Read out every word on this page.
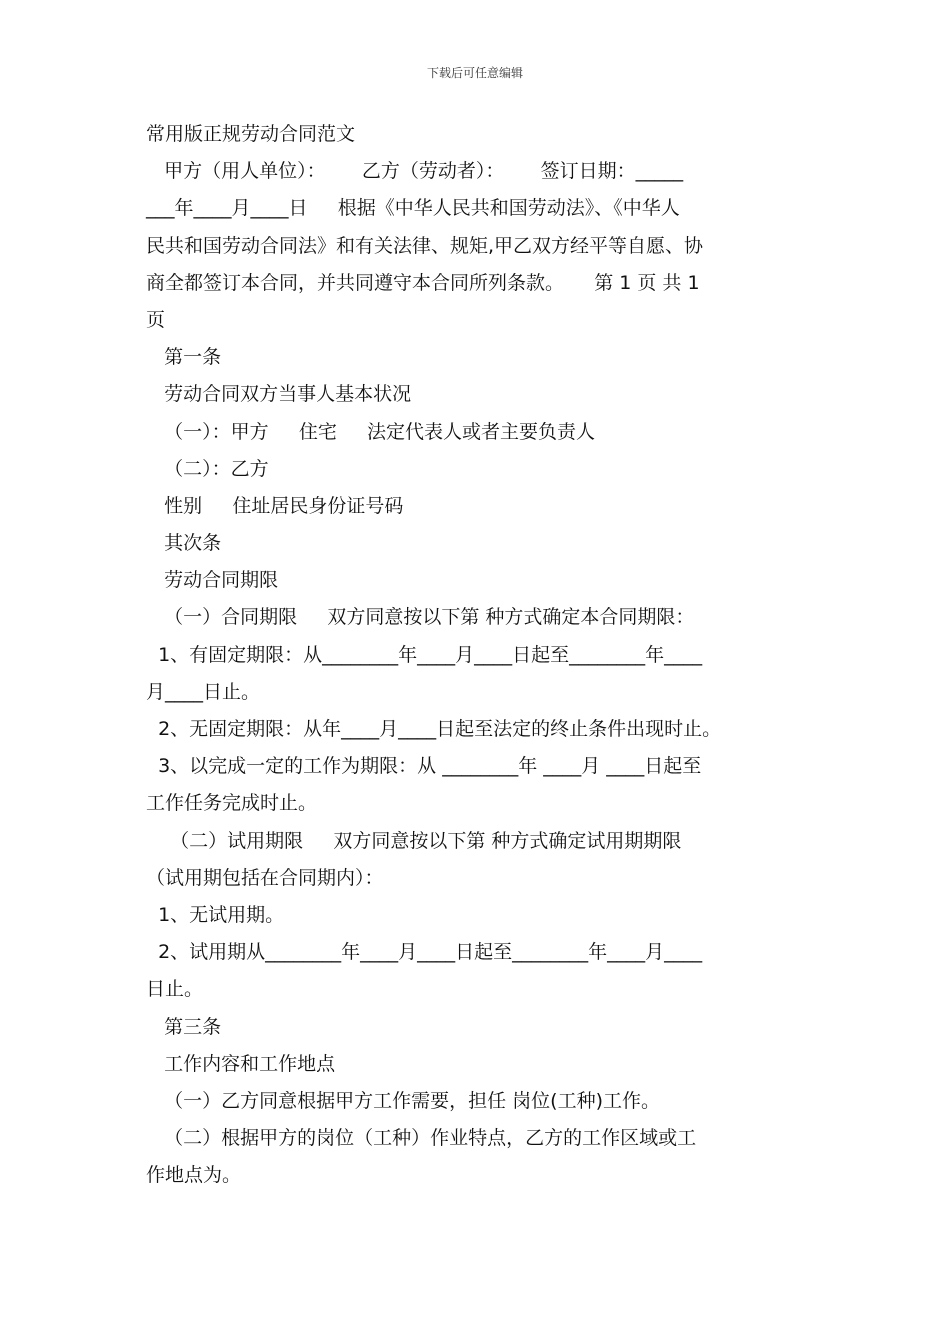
下载后可任意编辑
常用版正规劳动合同范文
甲方（用人单位）：      乙方（劳动者）：      签订日期：_____
___年____月____日     根据《中华人民共和国劳动法》、《中华人
民共和国劳动合同法》和有关法律、规矩,甲乙双方经平等自愿、协
商全都签订本合同，并共同遵守本合同所列条款。     第 1 页 共 1
页
第一条
劳动合同双方当事人基本状况
（一）：甲方     住宅     法定代表人或者主要负责人
（二）：乙方
性别     住址居民身份证号码
其次条
劳动合同期限
（一）合同期限     双方同意按以下第 种方式确定本合同期限：
1、有固定期限：从________年____月____日起至________年____
月____日止。
2、无固定期限：从年____月____日起至法定的终止条件出现时止。
3、以完成一定的工作为期限：从 ________年 ____月 ____日起至
工作任务完成时止。
（二）试用期限     双方同意按以下第 种方式确定试用期期限
（试用期包括在合同期内）：
1、无试用期。
2、试用期从________年____月____日起至________年____月____
日止。
第三条
工作内容和工作地点
（一）乙方同意根据甲方工作需要，担任 岗位(工种)工作。
（二）根据甲方的岗位（工种）作业特点，乙方的工作区域或工
作地点为。
